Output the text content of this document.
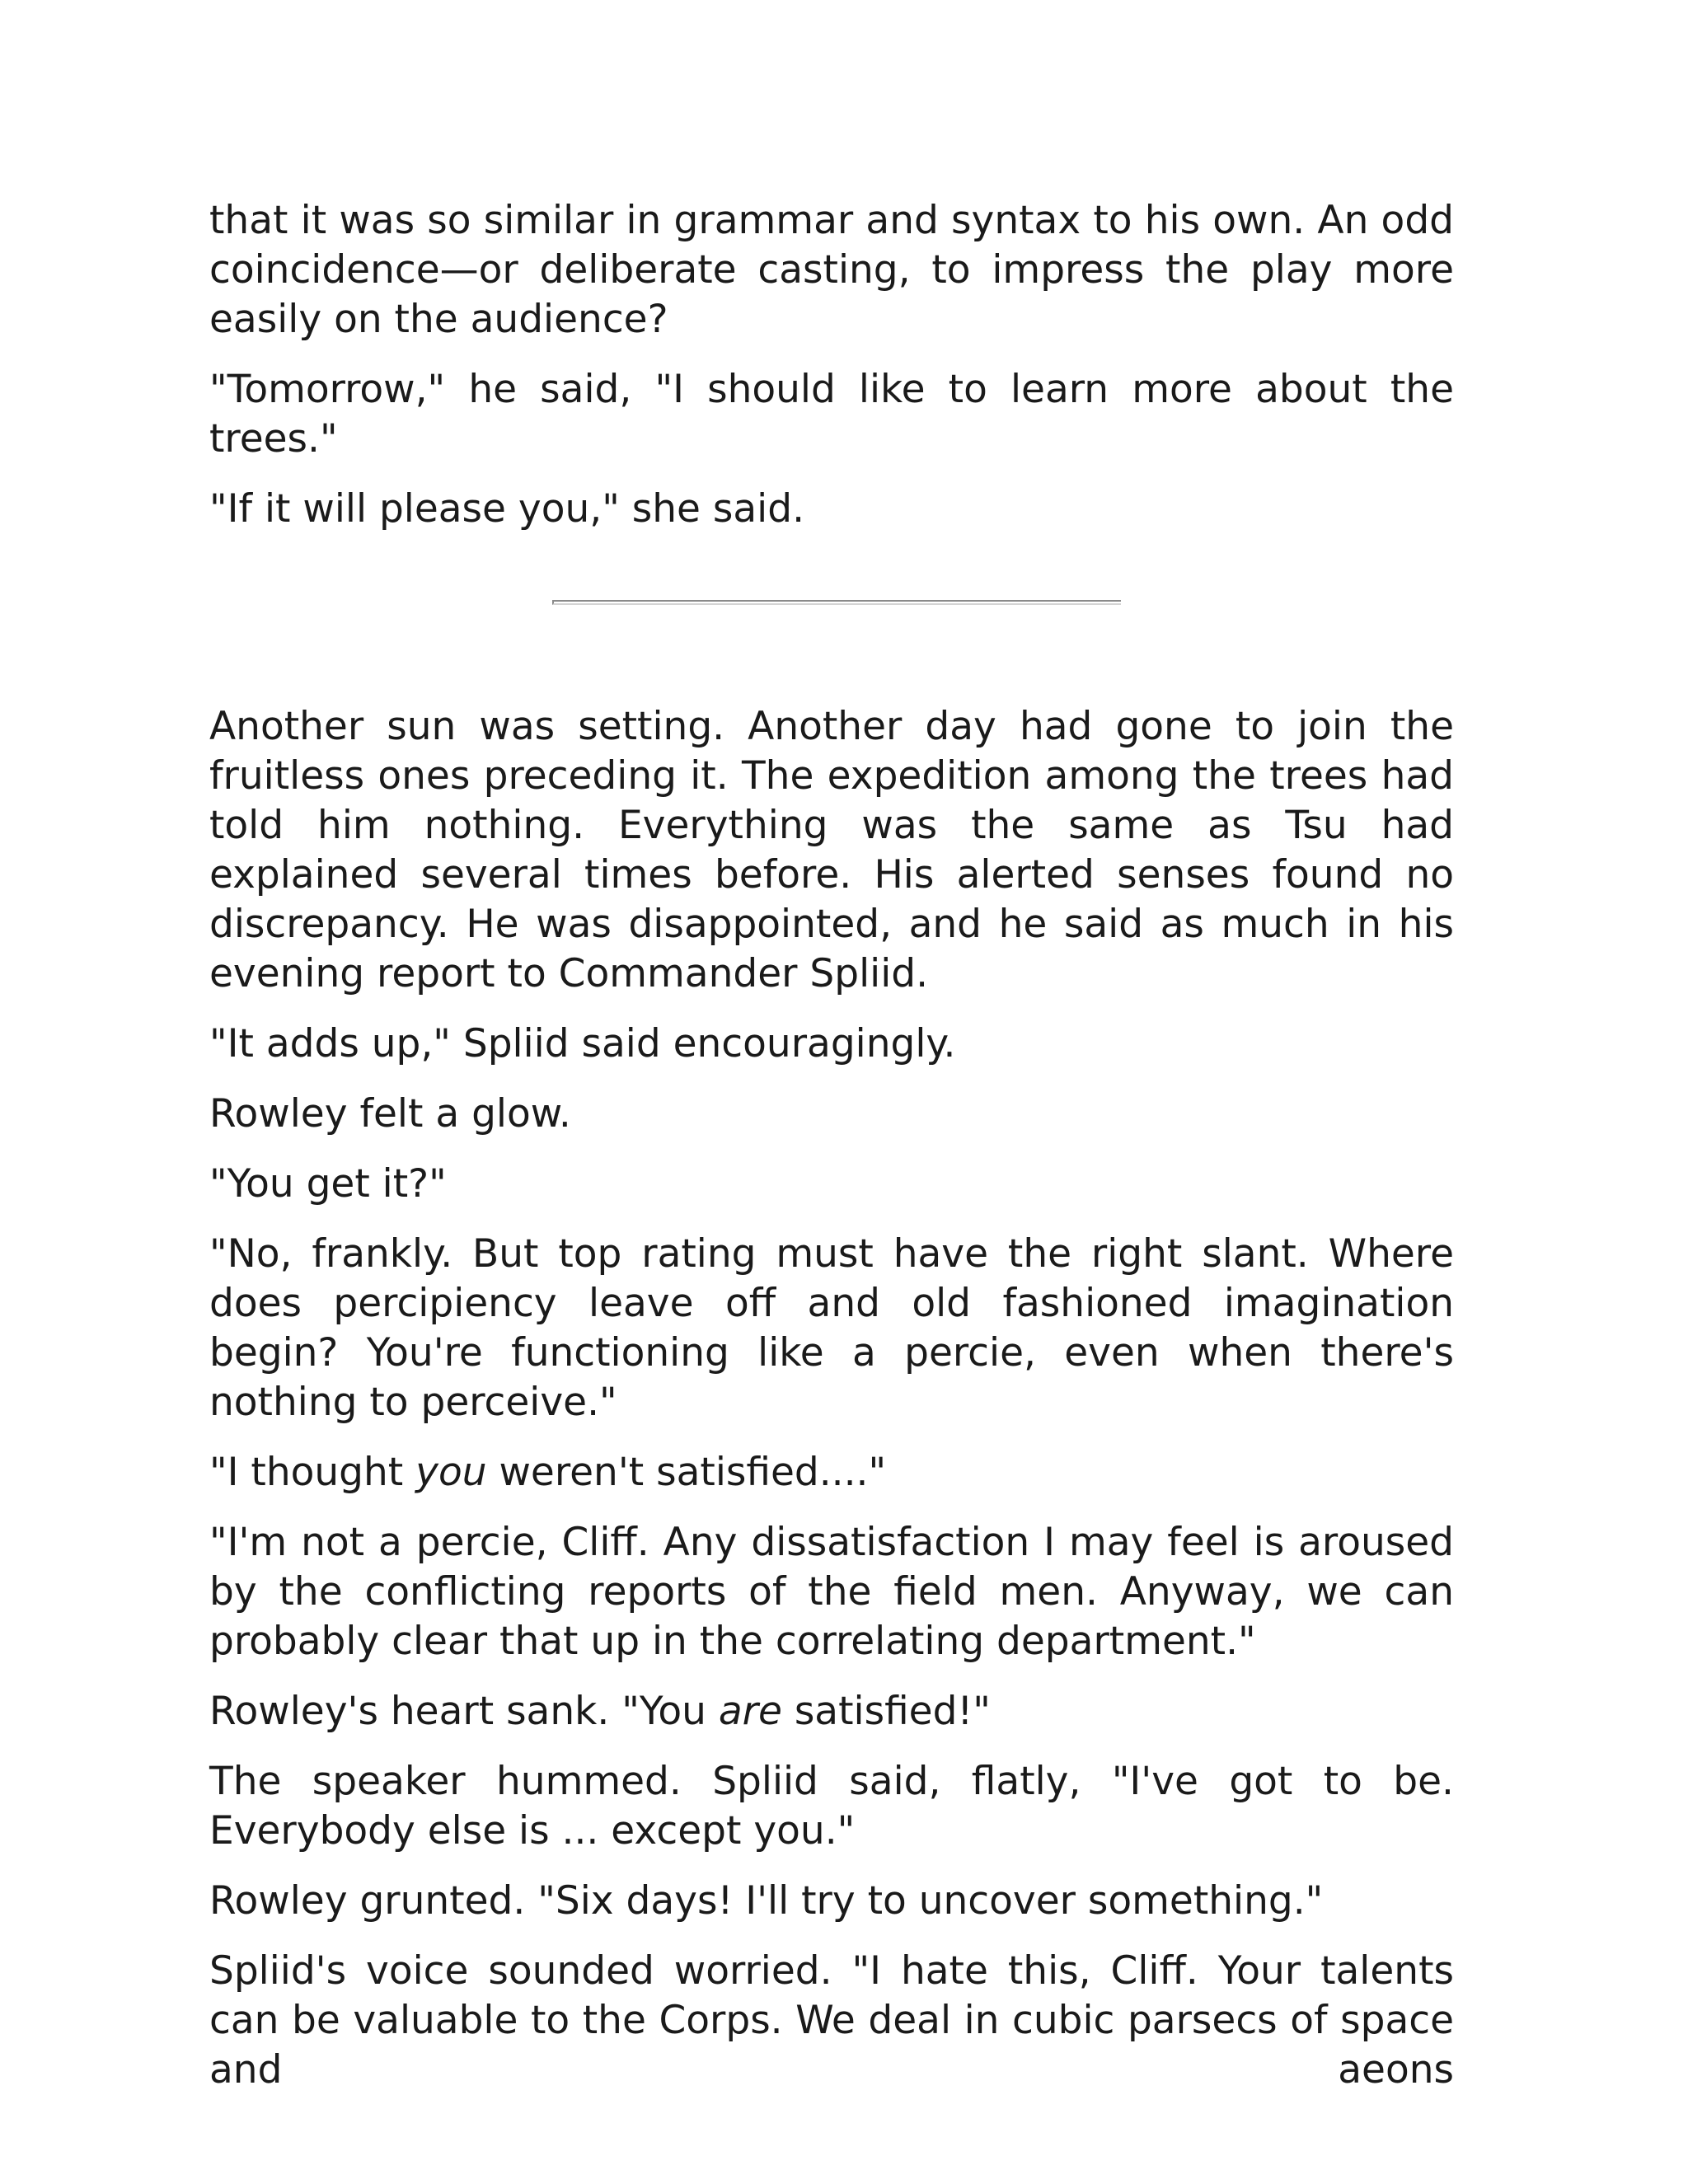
that it was so similar in grammar and syntax to his own. An odd coincidence—or deliberate casting, to impress the play more easily on the audience?

"Tomorrow," he said, "I should like to learn more about the trees."

"If it will please you," she said.

Another sun was setting. Another day had gone to join the fruitless ones preceding it. The expedition among the trees had told him nothing. Everything was the same as Tsu had explained several times before. His alerted senses found no discrepancy. He was disappointed, and he said as much in his evening report to Commander Spliid.

"It adds up," Spliid said encouragingly.

Rowley felt a glow.

"You get it?"

"No, frankly. But top rating must have the right slant. Where does percipiency leave off and old fashioned imagination begin? You're functioning like a percie, even when there's nothing to perceive."

"I thought you weren't satisfied...."

"I'm not a percie, Cliff. Any dissatisfaction I may feel is aroused by the conflicting reports of the field men. Anyway, we can probably clear that up in the correlating department."

Rowley's heart sank. "You are satisfied!"

The speaker hummed. Spliid said, flatly, "I've got to be. Everybody else is ... except you."

Rowley grunted. "Six days! I'll try to uncover something."

Spliid's voice sounded worried. "I hate this, Cliff. Your talents can be valuable to the Corps. We deal in cubic parsecs of space and aeons
